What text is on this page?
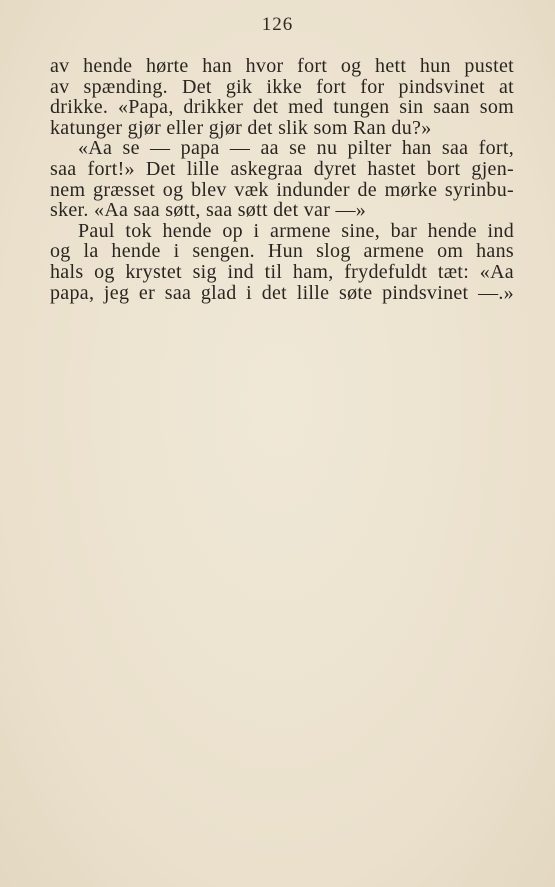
126
av hende hørte han hvor fort og hett hun pustet
av spænding. Det gik ikke fort for pindsvinet at
drikke. «Papa, drikker det med tungen sin saan som
katunger gjør eller gjør det slik som Ran du?»
«Aa se — papa — aa se nu pilter han saa fort,
saa fort!» Det lille askegraa dyret hastet bort gjen-
nem græsset og blev væk indunder de mørke syrinbu-
sker. «Aa saa søtt, saa søtt det var —»
Paul tok hende op i armene sine, bar hende ind
og la hende i sengen. Hun slog armene om hans
hals og krystet sig ind til ham, frydefuldt tæt: «Aa
papa, jeg er saa glad i det lille søte pindsvinet —.»
